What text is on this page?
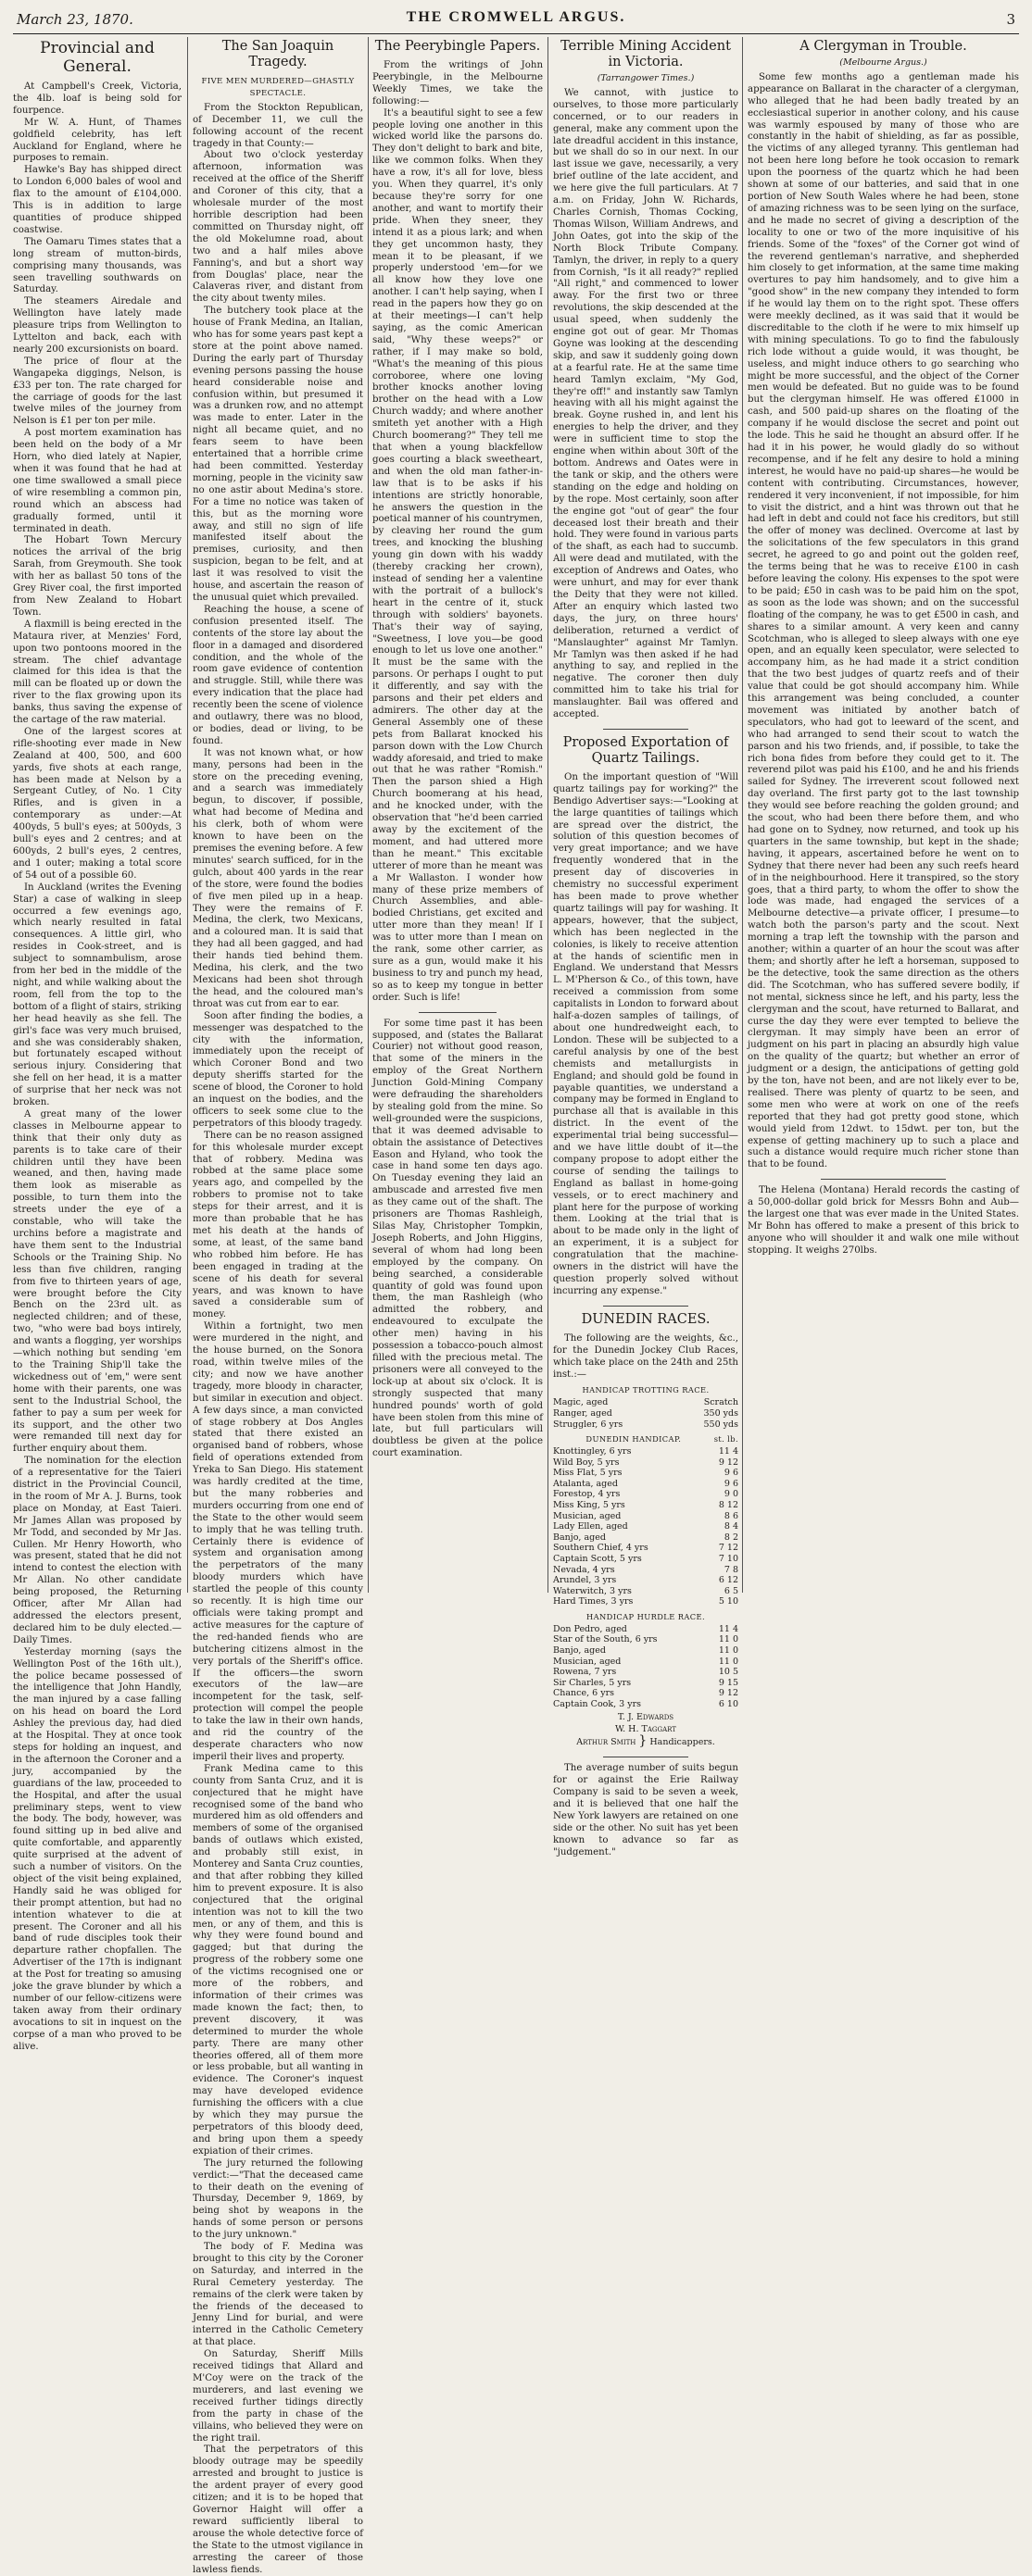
March 23, 1870.	THE CROMWELL ARGUS.	3
Provincial and General.

At Campbell's Creek, Victoria, the 4lb. loaf is being sold for fourpence.

Mr W. A. Hunt, of Thames goldfield celebrity, has left Auckland for England, where he purposes to remain.

Hawke's Bay has shipped direct to London 6,000 bales of wool and flax to the amount of £104,000. This is in addition to large quantities of produce shipped coastwise.

The Oamaru Times states that a long stream of mutton-birds, comprising many thousands, was seen travelling southwards on Saturday.

The steamers Airedale and Wellington have lately made pleasure trips from Wellington to Lyttelton and back, each with nearly 200 excursionists on board.

The price of flour at the Wangapeka diggings, Nelson, is £33 per ton. The rate charged for the carriage of goods for the last twelve miles of the journey from Nelson is £1 per ton per mile.

A post mortem examination has been held on the body of a Mr Horn, who died lately at Napier, when it was found that he had at one time swallowed a small piece of wire resembling a common pin, round which an abscess had gradually formed, until it terminated in death.

The Hobart Town Mercury notices the arrival of the brig Sarah, from Greymouth. She took with her as ballast 50 tons of the Grey River coal, the first imported from New Zealand to Hobart Town.

A flaxmill is being erected in the Mataura river, at Menzies' Ford, upon two pontoons moored in the stream. The chief advantage claimed for this idea is that the mill can be floated up or down the river to the flax growing upon its banks, thus saving the expense of the cartage of the raw material.

One of the largest scores at rifle-shooting ever made in New Zealand at 400, 500, and 600 yards, five shots at each range, has been made at Nelson by a Sergeant Cutley, of No. 1 City Rifles, and is given in a contemporary as under:—At 400yds, 5 bull's eyes; at 500yds, 3 bull's eyes and 2 centres; and at 600yds, 2 bull's eyes, 2 centres, and 1 outer; making a total score of 54 out of a possible 60.

In Auckland (writes the Evening Star) a case of walking in sleep occurred a few evenings ago, which nearly resulted in fatal consequences. A little girl, who resides in Cook-street, and is subject to somnambulism, arose from her bed in the middle of the night, and while walking about the room, fell from the top to the bottom of a flight of stairs, striking her head heavily as she fell. The girl's face was very much bruised, and she was considerably shaken, but fortunately escaped without serious injury. Considering that she fell on her head, it is a matter of surprise that her neck was not broken.

A great many of the lower classes in Melbourne appear to think that their only duty as parents is to take care of their children until they have been weaned, and then, having made them look as miserable as possible, to turn them into the streets under the eye of a constable, who will take the urchins before a magistrate and have them sent to the Industrial Schools or the Training Ship. No less than five children, ranging from five to thirteen years of age, were brought before the City Bench on the 23rd ult. as neglected children; and of these, two, "who were bad boys intirely, and wants a flogging, yer worships—which nothing but sending 'em to the Training Ship'll take the wickedness out of 'em," were sent home with their parents, one was sent to the Industrial School, the father to pay a sum per week for its support, and the other two were remanded till next day for further enquiry about them.

The nomination for the election of a representative for the Taieri district in the Provincial Council, in the room of Mr A. J. Burns, took place on Monday, at East Taieri. Mr James Allan was proposed by Mr Todd, and seconded by Mr Jas. Cullen. Mr Henry Howorth, who was present, stated that he did not intend to contest the election with Mr Allan. No other candidate being proposed, the Returning Officer, after Mr Allan had addressed the electors present, declared him to be duly elected.—Daily Times.

Yesterday morning (says the Wellington Post of the 16th ult.), the police became possessed of the intelligence that John Handly, the man injured by a case falling on his head on board the Lord Ashley the previous day, had died at the Hospital. They at once took steps for holding an inquest, and in the afternoon the Coroner and a jury, accompanied by the guardians of the law, proceeded to the Hospital, and after the usual preliminary steps, went to view the body. The body, however, was found sitting up in bed alive and quite comfortable, and apparently quite surprised at the advent of such a number of visitors. On the object of the visit being explained, Handly said he was obliged for their prompt attention, but had no intention whatever to die at present. The Coroner and all his band of rude disciples took their departure rather chopfallen. The Advertiser of the 17th is indignant at the Post for treating so amusing joke the grave blunder by which a number of our fellow-citizens were taken away from their ordinary avocations to sit in inquest on the corpse of a man who proved to be alive.

The San Joaquin Tragedy.
FIVE MEN MURDERED—GHASTLY SPECTACLE.

From the Stockton Republican, of December 11, we cull the following account of the recent tragedy in that County:—

About two o'clock yesterday afternoon, information was received at the office of the Sheriff and Coroner of this city, that a wholesale murder of the most horrible description had been committed on Thursday night, off the old Mokelumne road, about two and a half miles above Fanning's, and but a short way from Douglas' place, near the Calaveras river, and distant from the city about twenty miles.

The butchery took place at the house of Frank Medina, an Italian, who has for some years past kept a store at the point above named. During the early part of Thursday evening persons passing the house heard considerable noise and confusion within, but presumed it was a drunken row, and no attempt was made to enter. Later in the night all became quiet, and no fears seem to have been entertained that a horrible crime had been committed. Yesterday morning, people in the vicinity saw no one astir about Medina's store. For a time no notice was taken of this, but as the morning wore away, and still no sign of life manifested itself about the premises, curiosity, and then suspicion, began to be felt, and at last it was resolved to visit the house, and ascertain the reason of the unusual quiet which prevailed.

Reaching the house, a scene of confusion presented itself. The contents of the store lay about the floor in a damaged and disordered condition, and the whole of the room gave evidence of contention and struggle. Still, while there was every indication that the place had recently been the scene of violence and outlawry, there was no blood, or bodies, dead or living, to be found.

It was not known what, or how many, persons had been in the store on the preceding evening, and a search was immediately begun, to discover, if possible, what had become of Medina and his clerk, both of whom were known to have been on the premises the evening before. A few minutes' search sufficed, for in the gulch, about 400 yards in the rear of the store, were found the bodies of five men piled up in a heap. They were the remains of F. Medina, the clerk, two Mexicans, and a coloured man. It is said that they had all been gagged, and had their hands tied behind them. Medina, his clerk, and the two Mexicans had been shot through the head, and the coloured man's throat was cut from ear to ear.

Soon after finding the bodies, a messenger was despatched to the city with the information, immediately upon the receipt of which Coroner Bond and two deputy sheriffs started for the scene of blood, the Coroner to hold an inquest on the bodies, and the officers to seek some clue to the perpetrators of this bloody tragedy.

There can be no reason assigned for this wholesale murder except that of robbery. Medina was robbed at the same place some years ago, and compelled by the robbers to promise not to take steps for their arrest, and it is more than probable that he has met his death at the hands of some, at least, of the same band who robbed him before. He has been engaged in trading at the scene of his death for several years, and was known to have saved a considerable sum of money.

Within a fortnight, two men were murdered in the night, and the house burned, on the Sonora road, within twelve miles of the city; and now we have another tragedy, more bloody in character, but similar in execution and object. A few days since, a man convicted of stage robbery at Dos Angles stated that there existed an organised band of robbers, whose field of operations extended from Yreka to San Diego. His statement was hardly credited at the time, but the many robberies and murders occurring from one end of the State to the other would seem to imply that he was telling truth. Certainly there is evidence of system and organisation among the perpetrators of the many bloody murders which have startled the people of this county so recently. It is high time our officials were taking prompt and active measures for the capture of the red-handed fiends who are butchering citizens almost in the very portals of the Sheriff's office. If the officers—the sworn executors of the law—are incompetent for the task, self-protection will compel the people to take the law in their own hands, and rid the country of the desperate characters who now imperil their lives and property.

Frank Medina came to this county from Santa Cruz, and it is conjectured that he might have recognised some of the band who murdered him as old offenders and members of some of the organised bands of outlaws which existed, and probably still exist, in Monterey and Santa Cruz counties, and that after robbing they killed him to prevent exposure. It is also conjectured that the original intention was not to kill the two men, or any of them, and this is why they were found bound and gagged; but that during the progress of the robbery some one of the victims recognised one or more of the robbers, and information of their crimes was made known the fact; then, to prevent discovery, it was determined to murder the whole party. There are many other theories offered, all of them more or less probable, but all wanting in evidence. The Coroner's inquest may have developed evidence furnishing the officers with a clue by which they may pursue the perpetrators of this bloody deed, and bring upon them a speedy expiation of their crimes.

The jury returned the following verdict:—"That the deceased came to their death on the evening of Thursday, December 9, 1869, by being shot by weapons in the hands of some person or persons to the jury unknown."

The body of F. Medina was brought to this city by the Coroner on Saturday, and interred in the Rural Cemetery yesterday. The remains of the clerk were taken by the friends of the deceased to Jenny Lind for burial, and were interred in the Catholic Cemetery at that place.

On Saturday, Sheriff Mills received tidings that Allard and M'Coy were on the track of the murderers, and last evening we received further tidings directly from the party in chase of the villains, who believed they were on the right trail.

That the perpetrators of this bloody outrage may be speedily arrested and brought to justice is the ardent prayer of every good citizen; and it is to be hoped that Governor Haight will offer a reward sufficiently liberal to arouse the whole detective force of the State to the utmost vigilance in arresting the career of those lawless fiends.

The Peerybingle Papers.

From the writings of John Peerybingle, in the Melbourne Weekly Times, we take the following:—

It's a beautiful sight to see a few people loving one another in this wicked world like the parsons do. They don't delight to bark and bite, like we common folks. When they have a row, it's all for love, bless you. When they quarrel, it's only because they're sorry for one another, and want to mortify their pride. When they sneer, they intend it as a pious lark; and when they get uncommon hasty, they mean it to be pleasant, if we properly understood 'em—for we all know how they love one another. I can't help saying, when I read in the papers how they go on at their meetings—I can't help saying, as the comic American said, "Why these weeps?" or rather, if I may make so bold, "What's the meaning of this pious corroboree, where one loving brother knocks another loving brother on the head with a Low Church waddy; and where another smiteth yet another with a High Church boomerang?" They tell me that when a young blackfellow goes courting a black sweetheart, and when the old man father-in-law that is to be asks if his intentions are strictly honorable, he answers the question in the poetical manner of his countrymen, by cleaving her round the gum trees, and knocking the blushing young gin down with his waddy (thereby cracking her crown), instead of sending her a valentine with the portrait of a bullock's heart in the centre of it, stuck through with soldiers' bayonets. That's their way of saying, "Sweetness, I love you—be good enough to let us love one another." It must be the same with the parsons. Or perhaps I ought to put it differently, and say with the parsons and their pet elders and admirers. The other day at the General Assembly one of these pets from Ballarat knocked his parson down with the Low Church waddy aforesaid, and tried to make out that he was rather "Romish." Then the parson shied a High Church boomerang at his head, and he knocked under, with the observation that "he'd been carried away by the excitement of the moment, and had uttered more than he meant." This excitable utterer of more than he meant was a Mr Wallaston. I wonder how many of these prize members of Church Assemblies, and able-bodied Christians, get excited and utter more than they mean! If I was to utter more than I mean on the rank, some other carrier, as sure as a gun, would make it his business to try and punch my head, so as to keep my tongue in better order. Such is life!

For some time past it has been supposed, and (states the Ballarat Courier) not without good reason, that some of the miners in the employ of the Great Northern Junction Gold-Mining Company were defrauding the shareholders by stealing gold from the mine. So well-grounded were the suspicions, that it was deemed advisable to obtain the assistance of Detectives Eason and Hyland, who took the case in hand some ten days ago. On Tuesday evening they laid an ambuscade and arrested five men as they came out of the shaft. The prisoners are Thomas Rashleigh, Silas May, Christopher Tompkin, Joseph Roberts, and John Higgins, several of whom had long been employed by the company. On being searched, a considerable quantity of gold was found upon them, the man Rashleigh (who admitted the robbery, and endeavoured to exculpate the other men) having in his possession a tobacco-pouch almost filled with the precious metal. The prisoners were all conveyed to the lock-up at about six o'clock. It is strongly suspected that many hundred pounds' worth of gold have been stolen from this mine of late, but full particulars will doubtless be given at the police court examination.

Terrible Mining Accident in Victoria.
(Tarrangower Times.)

We cannot, with justice to ourselves, to those more particularly concerned, or to our readers in general, make any comment upon the late dreadful accident in this instance, but we shall do so in our next. In our last issue we gave, necessarily, a very brief outline of the late accident, and we here give the full particulars. At 7 a.m. on Friday, John W. Richards, Charles Cornish, Thomas Cocking, Thomas Wilson, William Andrews, and John Oates, got into the skip of the North Block Tribute Company. Tamlyn, the driver, in reply to a query from Cornish, "Is it all ready?" replied "All right," and commenced to lower away. For the first two or three revolutions, the skip descended at the usual speed, when suddenly the engine got out of gear. Mr Thomas Goyne was looking at the descending skip, and saw it suddenly going down at a fearful rate. He at the same time heard Tamlyn exclaim, "My God, they're off!" and instantly saw Tamlyn heaving with all his might against the break. Goyne rushed in, and lent his energies to help the driver, and they were in sufficient time to stop the engine when within about 30ft of the bottom. Andrews and Oates were in the tank or skip, and the others were standing on the edge and holding on by the rope. Most certainly, soon after the engine got "out of gear" the four deceased lost their breath and their hold. They were found in various parts of the shaft, as each had to succumb. All were dead and mutilated, with the exception of Andrews and Oates, who were unhurt, and may for ever thank the Deity that they were not killed. After an enquiry which lasted two days, the jury, on three hours' deliberation, returned a verdict of "Manslaughter" against Mr Tamlyn. Mr Tamlyn was then asked if he had anything to say, and replied in the negative. The coroner then duly committed him to take his trial for manslaughter. Bail was offered and accepted.

Proposed Exportation of Quartz Tailings.

On the important question of "Will quartz tailings pay for working?" the Bendigo Advertiser says:—"Looking at the large quantities of tailings which are spread over the district, the solution of this question becomes of very great importance; and we have frequently wondered that in the present day of discoveries in chemistry no successful experiment has been made to prove whether quartz tailings will pay for washing. It appears, however, that the subject, which has been neglected in the colonies, is likely to receive attention at the hands of scientific men in England. We understand that Messrs L. M'Pherson & Co., of this town, have received a commission from some capitalists in London to forward about half-a-dozen samples of tailings, of about one hundredweight each, to London. These will be subjected to a careful analysis by one of the best chemists and metallurgists in England; and should gold be found in payable quantities, we understand a company may be formed in England to purchase all that is available in this district. In the event of the experimental trial being successful—and we have little doubt of it—the company propose to adopt either the course of sending the tailings to England as ballast in home-going vessels, or to erect machinery and plant here for the purpose of working them. Looking at the trial that is about to be made only in the light of an experiment, it is a subject for congratulation that the machine-owners in the district will have the question properly solved without incurring any expense."

DUNEDIN RACES.

The following are the weights, &c., for the Dunedin Jockey Club Races, which take place on the 24th and 25th inst.:—

HANDICAP TROTTING RACE.
Magic, aged	Scratch
Ranger, aged	350 yds
Struggler, 6 yrs	550 yds
DUNEDIN HANDICAP.	st. lb.
Knottingley, 6 yrs	11 4
Wild Boy, 5 yrs	9 12
Miss Flat, 5 yrs	9 6
Atalanta, aged	9 6
Forestop, 4 yrs	9 0
Miss King, 5 yrs	8 12
Musician, aged	8 6
Lady Ellen, aged	8 4
Banjo, aged	8 2
Southern Chief, 4 yrs	7 12
Captain Scott, 5 yrs	7 10
Nevada, 4 yrs	7 8
Arundel, 3 yrs	6 12
Waterwitch, 3 yrs	6 5
Hard Times, 3 yrs	5 10
HANDICAP HURDLE RACE.
Don Pedro, aged	11 4
Star of the South, 6 yrs	11 0
Banjo, aged	11 0
Musician, aged	11 0
Rowena, 7 yrs	10 5
Sir Charles, 5 yrs	9 15
Chance, 6 yrs	9 12
Captain Cook, 3 yrs	6 10
T. J. Edwards
W. H. Taggart
Arthur Smith } Handicappers.

The average number of suits begun for or against the Erie Railway Company is said to be seven a week, and it is believed that one half the New York lawyers are retained on one side or the other. No suit has yet been known to advance so far as "judgement."

A Clergyman in Trouble.
(Melbourne Argus.)

Some few months ago a gentleman made his appearance on Ballarat in the character of a clergyman, who alleged that he had been badly treated by an ecclesiastical superior in another colony, and his cause was warmly espoused by many of those who are constantly in the habit of shielding, as far as possible, the victims of any alleged tyranny. This gentleman had not been here long before he took occasion to remark upon the poorness of the quartz which he had been shown at some of our batteries, and said that in one portion of New South Wales where he had been, stone of amazing richness was to be seen lying on the surface, and he made no secret of giving a description of the locality to one or two of the more inquisitive of his friends. Some of the "foxes" of the Corner got wind of the reverend gentleman's narrative, and shepherded him closely to get information, at the same time making overtures to pay him handsomely, and to give him a "good show" in the new company they intended to form if he would lay them on to the right spot. These offers were meekly declined, as it was said that it would be discreditable to the cloth if he were to mix himself up with mining speculations. To go to find the fabulously rich lode without a guide would, it was thought, be useless, and might induce others to go searching who might be more successful, and the object of the Corner men would be defeated. But no guide was to be found but the clergyman himself. He was offered £1000 in cash, and 500 paid-up shares on the floating of the company if he would disclose the secret and point out the lode. This he said he thought an absurd offer. If he had it in his power, he would gladly do so without recompense, and if he felt any desire to hold a mining interest, he would have no paid-up shares—he would be content with contributing. Circumstances, however, rendered it very inconvenient, if not impossible, for him to visit the district, and a hint was thrown out that he had left in debt and could not face his creditors, but still the offer of money was declined. Overcome at last by the solicitations of the few speculators in this grand secret, he agreed to go and point out the golden reef, the terms being that he was to receive £100 in cash before leaving the colony. His expenses to the spot were to be paid; £50 in cash was to be paid him on the spot, as soon as the lode was shown; and on the successful floating of the company, he was to get £500 in cash, and shares to a similar amount. A very keen and canny Scotchman, who is alleged to sleep always with one eye open, and an equally keen speculator, were selected to accompany him, as he had made it a strict condition that the two best judges of quartz reefs and of their value that could be got should accompany him. While this arrangement was being concluded, a counter movement was initiated by another batch of speculators, who had got to leeward of the scent, and who had arranged to send their scout to watch the parson and his two friends, and, if possible, to take the rich bona fides from before they could get to it. The reverend pilot was paid his £100, and he and his friends sailed for Sydney. The irreverent scout followed next day overland. The first party got to the last township they would see before reaching the golden ground; and the scout, who had been there before them, and who had gone on to Sydney, now returned, and took up his quarters in the same township, but kept in the shade; having, it appears, ascertained before he went on to Sydney that there never had been any such reefs heard of in the neighbourhood. Here it transpired, so the story goes, that a third party, to whom the offer to show the lode was made, had engaged the services of a Melbourne detective—a private officer, I presume—to watch both the parson's party and the scout. Next morning a trap left the township with the parson and another; within a quarter of an hour the scout was after them; and shortly after he left a horseman, supposed to be the detective, took the same direction as the others did. The Scotchman, who has suffered severe bodily, if not mental, sickness since he left, and his party, less the clergyman and the scout, have returned to Ballarat, and curse the day they were ever tempted to believe the clergyman. It may simply have been an error of judgment on his part in placing an absurdly high value on the quality of the quartz; but whether an error of judgment or a design, the anticipations of getting gold by the ton, have not been, and are not likely ever to be, realised. There was plenty of quartz to be seen, and some men who were at work on one of the reefs reported that they had got pretty good stone, which would yield from 12dwt. to 15dwt. per ton, but the expense of getting machinery up to such a place and such a distance would require much richer stone than that to be found.

The Helena (Montana) Herald records the casting of a 50,000-dollar gold brick for Messrs Bohn and Aub—the largest one that was ever made in the United States. Mr Bohn has offered to make a present of this brick to anyone who will shoulder it and walk one mile without stopping. It weighs 270lbs.
